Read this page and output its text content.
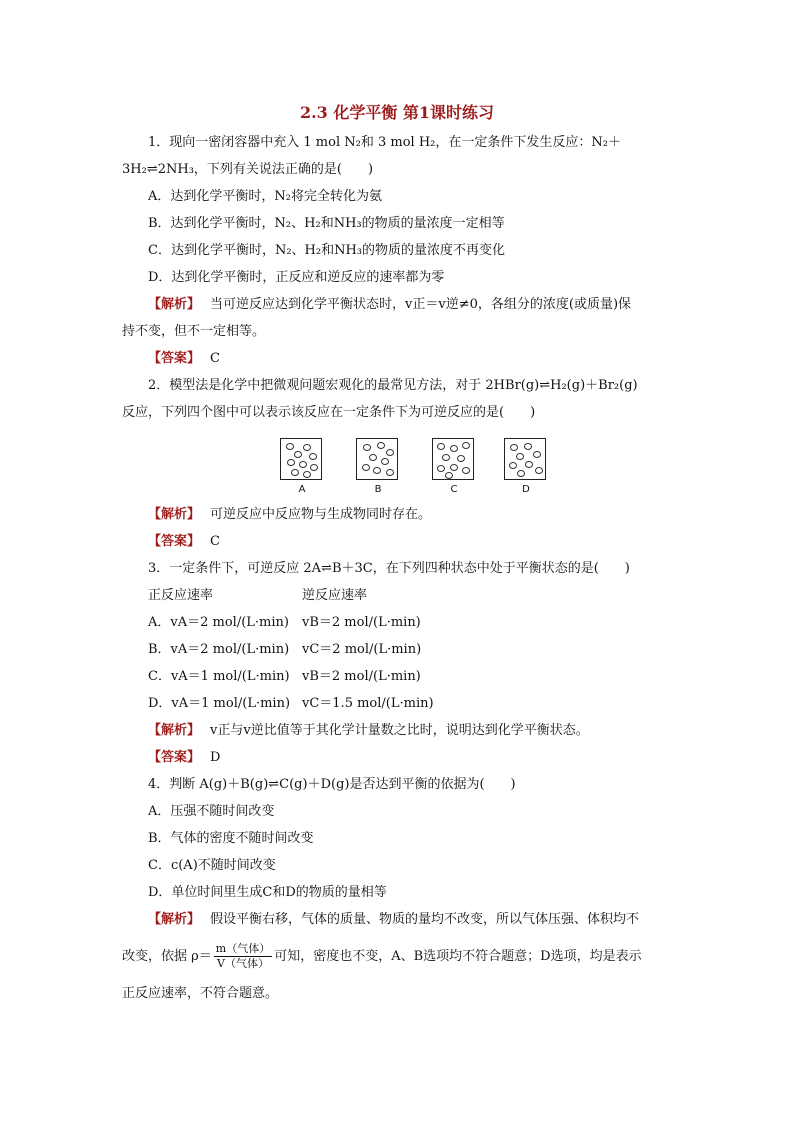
2.3 化学平衡 第1课时练习
1．现向一密闭容器中充入 1 mol N₂和 3 mol H₂，在一定条件下发生反应：N₂＋
3H₂⇌2NH₃，下列有关说法正确的是(　　)
A．达到化学平衡时，N₂将完全转化为氨
B．达到化学平衡时，N₂、H₂和NH₃的物质的量浓度一定相等
C．达到化学平衡时，N₂、H₂和NH₃的物质的量浓度不再变化
D．达到化学平衡时，正反应和逆反应的速率都为零
【解析】 当可逆反应达到化学平衡状态时，v正＝v逆≠0，各组分的浓度(或质量)保
持不变，但不一定相等。
【答案】 C
2．模型法是化学中把微观问题宏观化的最常见方法，对于 2HBr(g)⇌H₂(g)＋Br₂(g)
反应，下列四个图中可以表示该反应在一定条件下为可逆反应的是(　　)
A	B	C	D
【解析】 可逆反应中反应物与生成物同时存在。
【答案】 C
3．一定条件下，可逆反应 2A⇌B＋3C，在下列四种状态中处于平衡状态的是(　　)
正反应速率	逆反应速率
A．vA＝2 mol/(L·min) vB＝2 mol/(L·min)
B．vA＝2 mol/(L·min) vC＝2 mol/(L·min)
C．vA＝1 mol/(L·min) vB＝2 mol/(L·min)
D．vA＝1 mol/(L·min) vC＝1.5 mol/(L·min)
【解析】 v正与v逆比值等于其化学计量数之比时，说明达到化学平衡状态。
【答案】 D
4．判断 A(g)＋B(g)⇌C(g)＋D(g)是否达到平衡的依据为(　　)
A．压强不随时间改变
B．气体的密度不随时间改变
C．c(A)不随时间改变
D．单位时间里生成C和D的物质的量相等
【解析】 假设平衡右移，气体的质量、物质的量均不改变，所以气体压强、体积均不
改变，依据 $\rho= \frac{\text{m（气体）}}{\text{V（气体）}}$ 可知，密度也不变，A、B选项均不符合题意；D选项，均是表示
正反应速率，不符合题意。
